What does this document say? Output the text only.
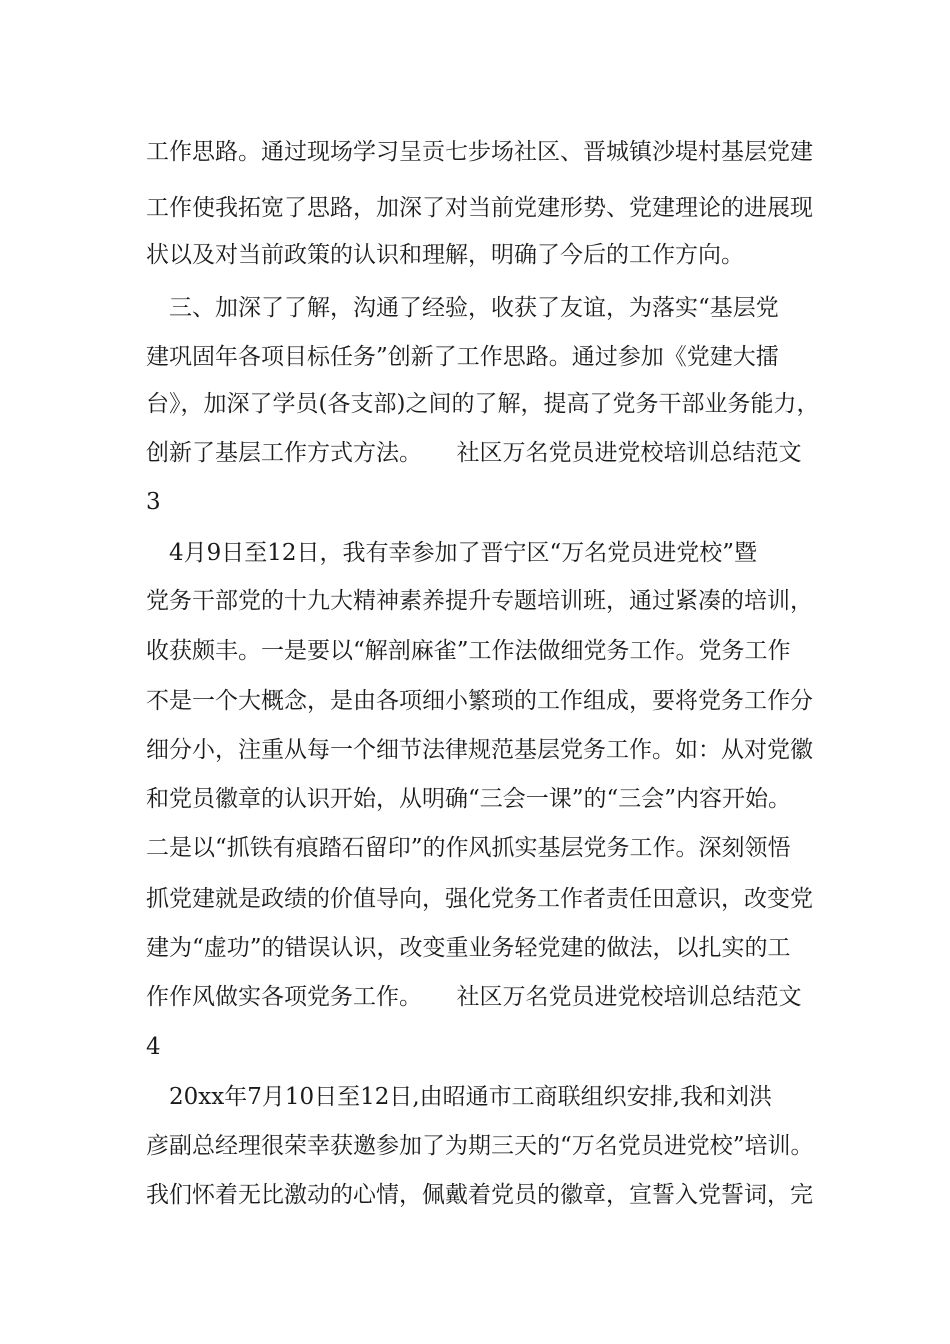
工作思路。通过现场学习呈贡七步场社区、晋城镇沙堤村基层党建
工作使我拓宽了思路，加深了对当前党建形势、党建理论的进展现
状以及对当前政策的认识和理解，明确了今后的工作方向。
　三、加深了了解，沟通了经验，收获了友谊，为落实“基层党
建巩固年各项目标任务”创新了工作思路。通过参加《党建大擂
台》，加深了学员(各支部)之间的了解，提高了党务干部业务能力，
创新了基层工作方式方法。　　社区万名党员进党校培训总结范文
3
　4月9日至12日，我有幸参加了晋宁区“万名党员进党校”暨
党务干部党的十九大精神素养提升专题培训班，通过紧凑的培训，
收获颇丰。一是要以“解剖麻雀”工作法做细党务工作。党务工作
不是一个大概念，是由各项细小繁琐的工作组成，要将党务工作分
细分小，注重从每一个细节法律规范基层党务工作。如：从对党徽
和党员徽章的认识开始，从明确“三会一课”的“三会”内容开始。
二是以“抓铁有痕踏石留印”的作风抓实基层党务工作。深刻领悟
抓党建就是政绩的价值导向，强化党务工作者责任田意识，改变党
建为“虚功”的错误认识，改变重业务轻党建的做法，以扎实的工
作作风做实各项党务工作。　　社区万名党员进党校培训总结范文
4
　20xx年7月10日至12日,由昭通市工商联组织安排,我和刘洪
彦副总经理很荣幸获邀参加了为期三天的“万名党员进党校”培训。
我们怀着无比激动的心情，佩戴着党员的徽章，宣誓入党誓词，完
